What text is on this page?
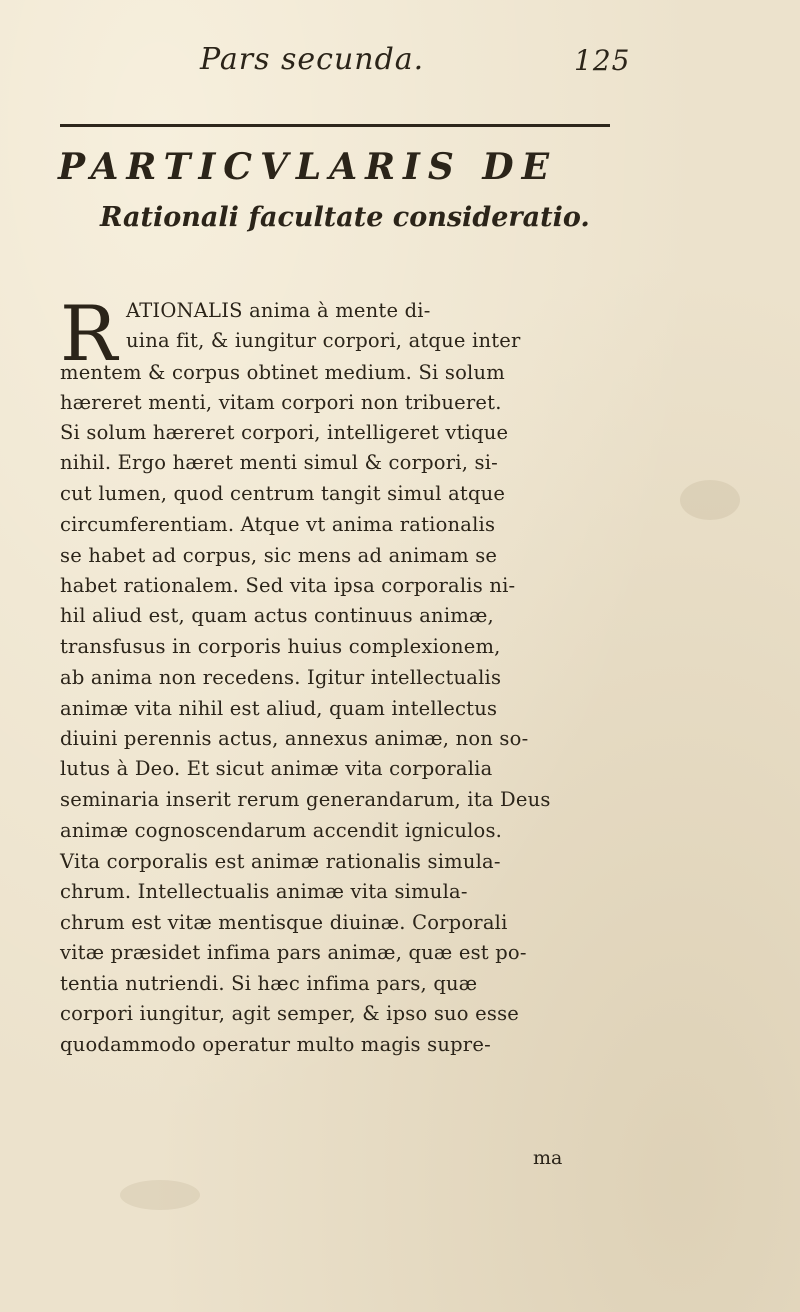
Pars secunda.	125
PARTICVLARIS DE
Rationali facultate consideratio.
R ATIONALIS anima à mente di-
uina fit, & iungitur corpori, atque inter
mentem & corpus obtinet medium. Si solum
hæreret menti, vitam corpori non tribueret.
Si solum hæreret corpori, intelligeret vtique
nihil. Ergo hæret menti simul & corpori, si-
cut lumen, quod centrum tangit simul atque
circumferentiam. Atque vt anima rationalis
se habet ad corpus, sic mens ad animam se
habet rationalem. Sed vita ipsa corporalis ni-
hil aliud est, quam actus continuus animæ,
transfusus in corporis huius complexionem,
ab anima non recedens. Igitur intellectualis
animæ vita nihil est aliud, quam intellectus
diuini perennis actus, annexus animæ, non so-
lutus à Deo. Et sicut animæ vita corporalia
seminaria inserit rerum generandarum, ita Deus
animæ cognoscendarum accendit igniculos.
Vita corporalis est animæ rationalis simula-
chrum. Intellectualis animæ vita simula-
chrum est vitæ mentisque diuinæ. Corporali
vitæ præsidet infima pars animæ, quæ est po-
tentia nutriendi. Si hæc infima pars, quæ
corpori iungitur, agit semper, & ipso suo esse
quodammodo operatur multo magis supre-
ma
